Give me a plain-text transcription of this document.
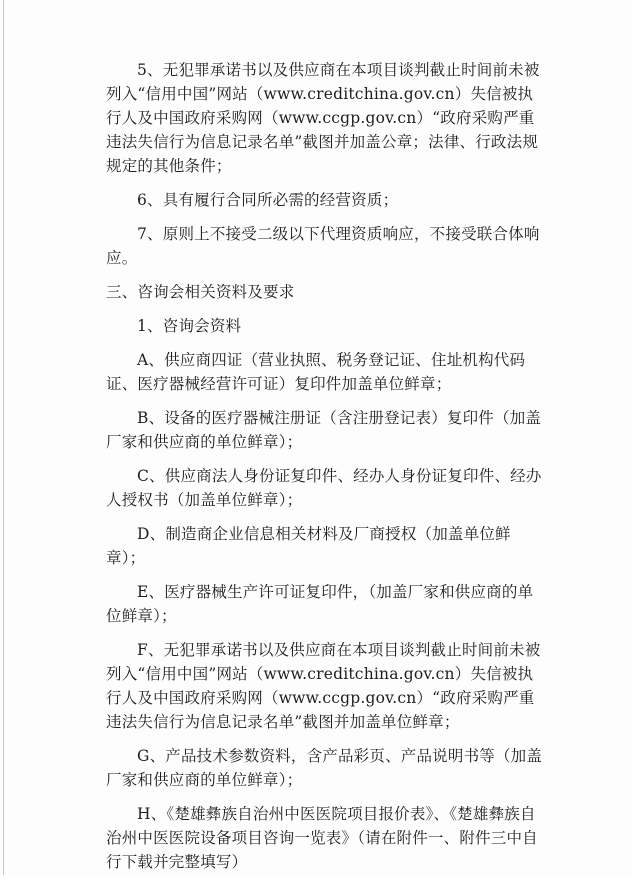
5、无犯罪承诺书以及供应商在本项目谈判截止时间前未被列入“信用中国”网站（www.creditchina.gov.cn）失信被执行人及中国政府采购网（www.ccgp.gov.cn）“政府采购严重违法失信行为信息记录名单”截图并加盖公章；法律、行政法规规定的其他条件；

6、具有履行合同所必需的经营资质；

7、原则上不接受二级以下代理资质响应，不接受联合体响应。

三、咨询会相关资料及要求

1、咨询会资料

A、供应商四证（营业执照、税务登记证、住址机构代码证、医疗器械经营许可证）复印件加盖单位鲜章；

B、设备的医疗器械注册证（含注册登记表）复印件（加盖厂家和供应商的单位鲜章）；

C、供应商法人身份证复印件、经办人身份证复印件、经办人授权书（加盖单位鲜章）；

D、制造商企业信息相关材料及厂商授权（加盖单位鲜章）；

E、医疗器械生产许可证复印件，（加盖厂家和供应商的单位鲜章）；

F、无犯罪承诺书以及供应商在本项目谈判截止时间前未被列入“信用中国”网站（www.creditchina.gov.cn）失信被执行人及中国政府采购网（www.ccgp.gov.cn）“政府采购严重违法失信行为信息记录名单”截图并加盖单位鲜章；

G、产品技术参数资料，含产品彩页、产品说明书等（加盖厂家和供应商的单位鲜章）；

H、《楚雄彝族自治州中医医院项目报价表》、《楚雄彝族自治州中医医院设备项目咨询一览表》（请在附件一、附件三中自行下载并完整填写）
